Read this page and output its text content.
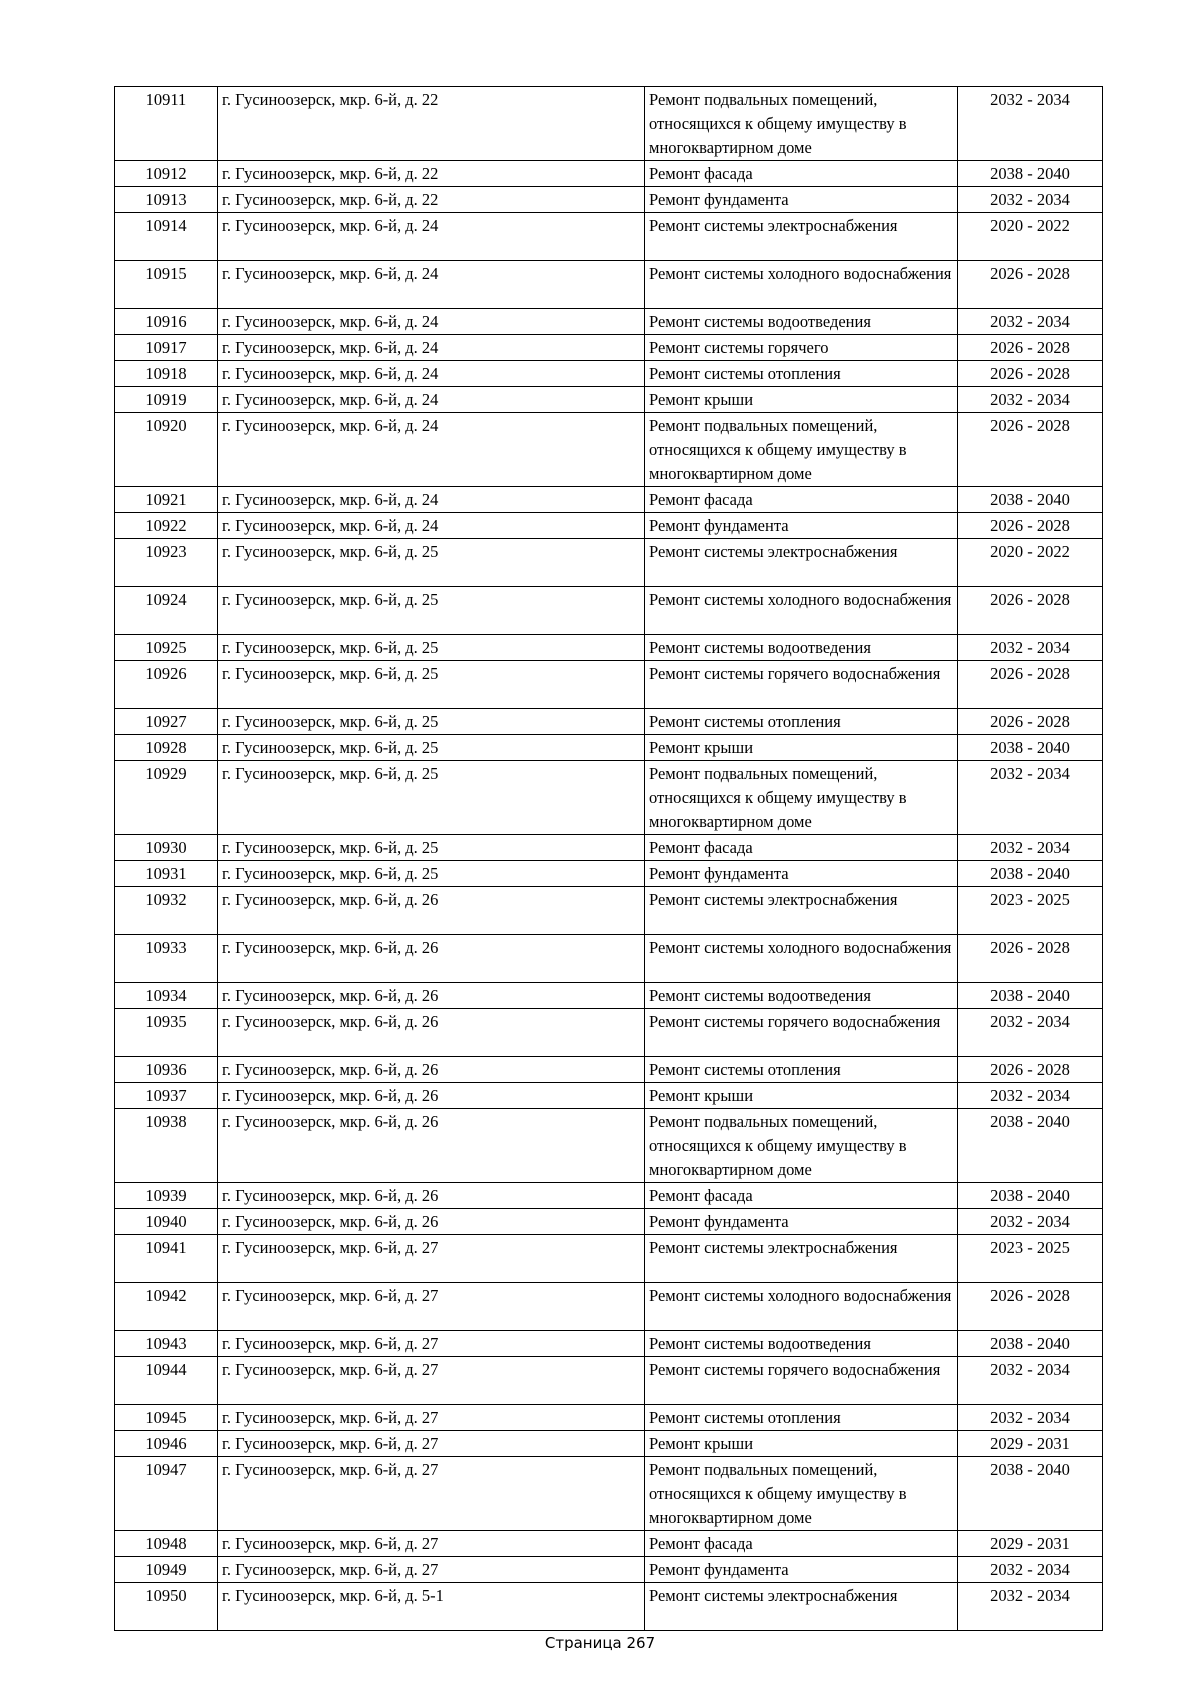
10911	г. Гусиноозерск, мкр. 6-й, д. 22	Ремонт подвальных помещений, относящихся к общему имуществу в многоквартирном доме	2032 - 2034
10912	г. Гусиноозерск, мкр. 6-й, д. 22	Ремонт фасада	2038 - 2040
10913	г. Гусиноозерск, мкр. 6-й, д. 22	Ремонт фундамента	2032 - 2034
10914	г. Гусиноозерск, мкр. 6-й, д. 24	Ремонт системы электроснабжения	2020 - 2022
10915	г. Гусиноозерск, мкр. 6-й, д. 24	Ремонт системы холодного водоснабжения	2026 - 2028
10916	г. Гусиноозерск, мкр. 6-й, д. 24	Ремонт системы водоотведения	2032 - 2034
10917	г. Гусиноозерск, мкр. 6-й, д. 24	Ремонт системы горячего	2026 - 2028
10918	г. Гусиноозерск, мкр. 6-й, д. 24	Ремонт системы отопления	2026 - 2028
10919	г. Гусиноозерск, мкр. 6-й, д. 24	Ремонт крыши	2032 - 2034
10920	г. Гусиноозерск, мкр. 6-й, д. 24	Ремонт подвальных помещений, относящихся к общему имуществу в многоквартирном доме	2026 - 2028
10921	г. Гусиноозерск, мкр. 6-й, д. 24	Ремонт фасада	2038 - 2040
10922	г. Гусиноозерск, мкр. 6-й, д. 24	Ремонт фундамента	2026 - 2028
10923	г. Гусиноозерск, мкр. 6-й, д. 25	Ремонт системы электроснабжения	2020 - 2022
10924	г. Гусиноозерск, мкр. 6-й, д. 25	Ремонт системы холодного водоснабжения	2026 - 2028
10925	г. Гусиноозерск, мкр. 6-й, д. 25	Ремонт системы водоотведения	2032 - 2034
10926	г. Гусиноозерск, мкр. 6-й, д. 25	Ремонт системы горячего водоснабжения	2026 - 2028
10927	г. Гусиноозерск, мкр. 6-й, д. 25	Ремонт системы отопления	2026 - 2028
10928	г. Гусиноозерск, мкр. 6-й, д. 25	Ремонт крыши	2038 - 2040
10929	г. Гусиноозерск, мкр. 6-й, д. 25	Ремонт подвальных помещений, относящихся к общему имуществу в многоквартирном доме	2032 - 2034
10930	г. Гусиноозерск, мкр. 6-й, д. 25	Ремонт фасада	2032 - 2034
10931	г. Гусиноозерск, мкр. 6-й, д. 25	Ремонт фундамента	2038 - 2040
10932	г. Гусиноозерск, мкр. 6-й, д. 26	Ремонт системы электроснабжения	2023 - 2025
10933	г. Гусиноозерск, мкр. 6-й, д. 26	Ремонт системы холодного водоснабжения	2026 - 2028
10934	г. Гусиноозерск, мкр. 6-й, д. 26	Ремонт системы водоотведения	2038 - 2040
10935	г. Гусиноозерск, мкр. 6-й, д. 26	Ремонт системы горячего водоснабжения	2032 - 2034
10936	г. Гусиноозерск, мкр. 6-й, д. 26	Ремонт системы отопления	2026 - 2028
10937	г. Гусиноозерск, мкр. 6-й, д. 26	Ремонт крыши	2032 - 2034
10938	г. Гусиноозерск, мкр. 6-й, д. 26	Ремонт подвальных помещений, относящихся к общему имуществу в многоквартирном доме	2038 - 2040
10939	г. Гусиноозерск, мкр. 6-й, д. 26	Ремонт фасада	2038 - 2040
10940	г. Гусиноозерск, мкр. 6-й, д. 26	Ремонт фундамента	2032 - 2034
10941	г. Гусиноозерск, мкр. 6-й, д. 27	Ремонт системы электроснабжения	2023 - 2025
10942	г. Гусиноозерск, мкр. 6-й, д. 27	Ремонт системы холодного водоснабжения	2026 - 2028
10943	г. Гусиноозерск, мкр. 6-й, д. 27	Ремонт системы водоотведения	2038 - 2040
10944	г. Гусиноозерск, мкр. 6-й, д. 27	Ремонт системы горячего водоснабжения	2032 - 2034
10945	г. Гусиноозерск, мкр. 6-й, д. 27	Ремонт системы отопления	2032 - 2034
10946	г. Гусиноозерск, мкр. 6-й, д. 27	Ремонт крыши	2029 - 2031
10947	г. Гусиноозерск, мкр. 6-й, д. 27	Ремонт подвальных помещений, относящихся к общему имуществу в многоквартирном доме	2038 - 2040
10948	г. Гусиноозерск, мкр. 6-й, д. 27	Ремонт фасада	2029 - 2031
10949	г. Гусиноозерск, мкр. 6-й, д. 27	Ремонт фундамента	2032 - 2034
10950	г. Гусиноозерск, мкр. 6-й, д. 5-1	Ремонт системы электроснабжения	2032 - 2034
Страница 267
